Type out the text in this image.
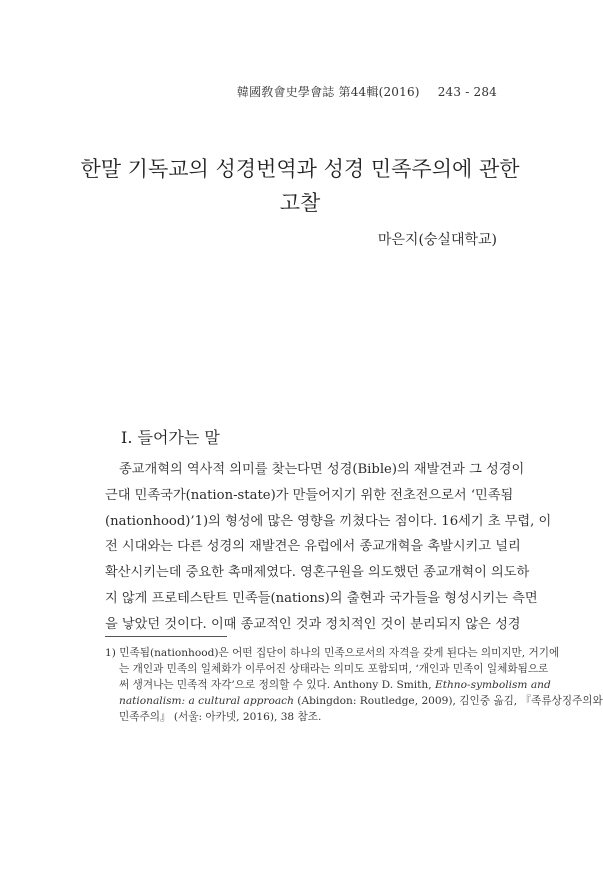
韓國敎會史學會誌 第44輯(2016) 243 - 284
한말 기독교의 성경번역과 성경 민족주의에 관한
고찰
마은지(숭실대학교)
Ⅰ. 들어가는 말
종교개혁의 역사적 의미를 찾는다면 성경(Bible)의 재발견과 그 성경이
근대 민족국가(nation-state)가 만들어지기 위한 전초전으로서 ‘민족됨
(nationhood)’1)의 형성에 많은 영향을 끼쳤다는 점이다. 16세기 초 무렵, 이
전 시대와는 다른 성경의 재발견은 유럽에서 종교개혁을 촉발시키고 널리
확산시키는데 중요한 촉매제였다. 영혼구원을 의도했던 종교개혁이 의도하
지 않게 프로테스탄트 민족들(nations)의 출현과 국가들을 형성시키는 측면
을 낳았던 것이다. 이때 종교적인 것과 정치적인 것이 분리되지 않은 성경
1) 민족됨(nationhood)은 어떤 집단이 하나의 민족으로서의 자격을 갖게 된다는 의미지만, 거기에
는 개인과 민족의 일체화가 이루어진 상태라는 의미도 포함되며, ‘개인과 민족이 일체화됨으로
써 생겨나는 민족적 자각’으로 정의할 수 있다. Anthony D. Smith, Ethno-symbolism and
nationalism: a cultural approach (Abingdon: Routledge, 2009), 김인중 옮김, 『족류상징주의와
민족주의』 (서울: 아카넷, 2016), 38 참조.
